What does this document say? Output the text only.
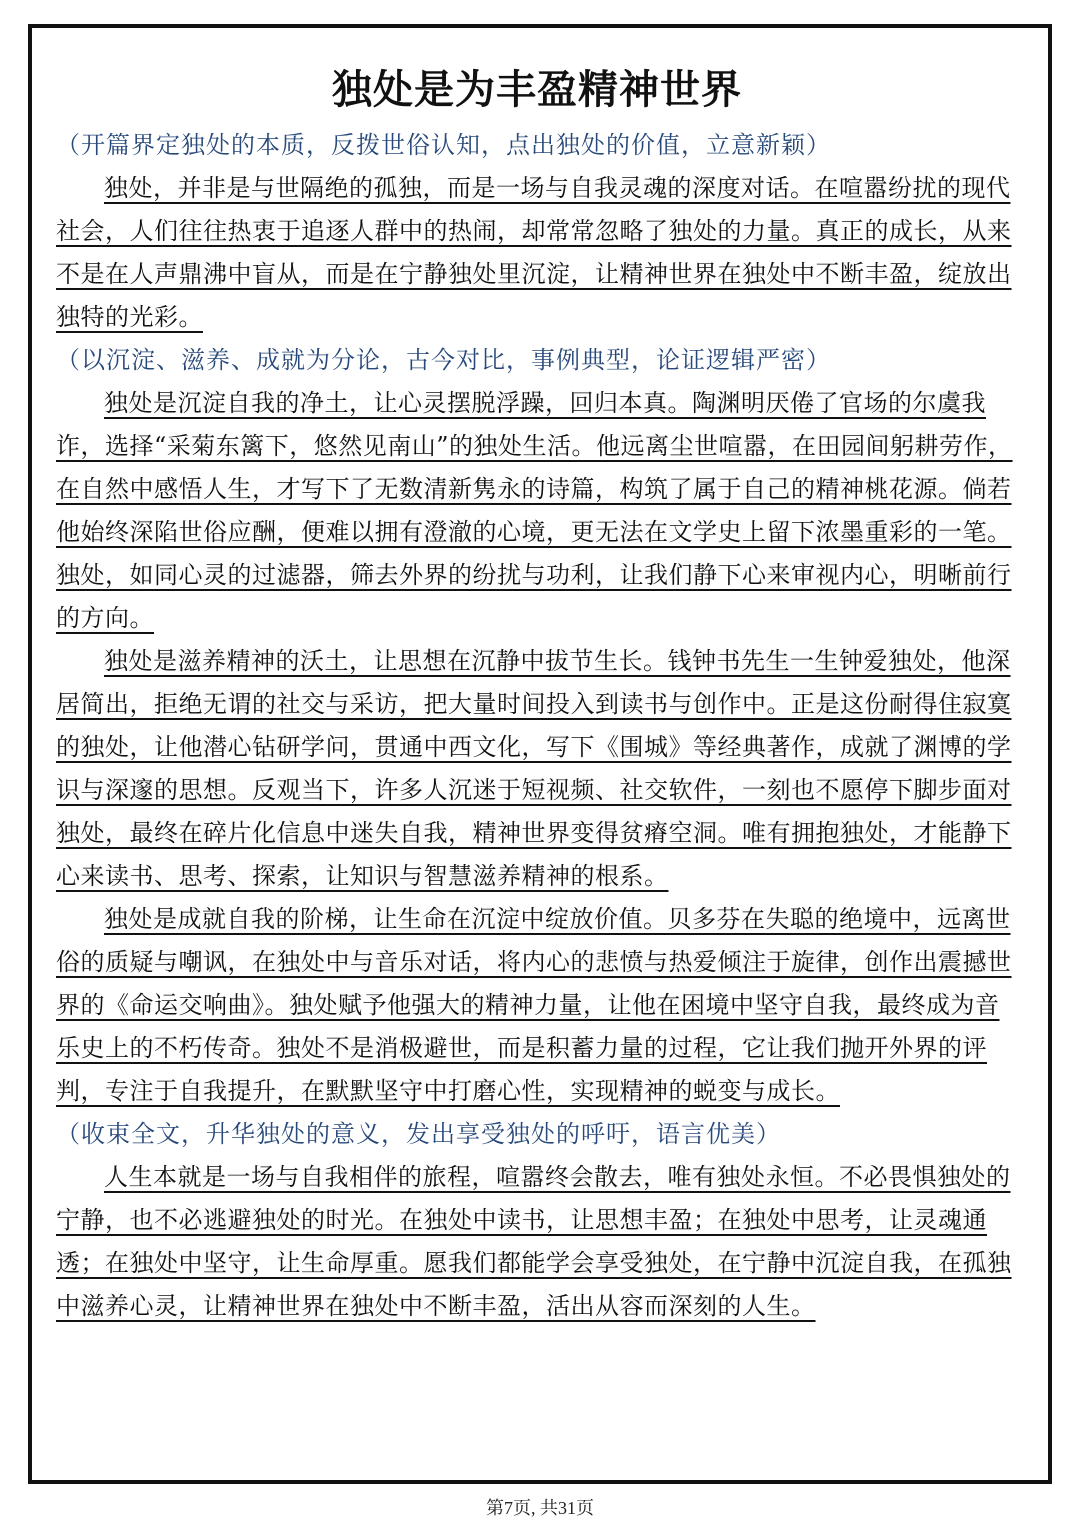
独处是为丰盈精神世界
（开篇界定独处的本质，反拨世俗认知，点出独处的价值，立意新颖）

独处，并非是与世隔绝的孤独，而是一场与自我灵魂的深度对话。在喧嚣纷扰的现代社会，人们往往热衷于追逐人群中的热闹，却常常忽略了独处的力量。真正的成长，从来不是在人声鼎沸中盲从，而是在宁静独处里沉淀，让精神世界在独处中不断丰盈，绽放出独特的光彩。

（以沉淀、滋养、成就为分论，古今对比，事例典型，论证逻辑严密）

独处是沉淀自我的净土，让心灵摆脱浮躁，回归本真。陶渊明厌倦了官场的尔虞我诈，选择“采菊东篱下，悠然见南山”的独处生活。他远离尘世喧嚣，在田园间躬耕劳作，在自然中感悟人生，才写下了无数清新隽永的诗篇，构筑了属于自己的精神桃花源。倘若他始终深陷世俗应酬，便难以拥有澄澈的心境，更无法在文学史上留下浓墨重彩的一笔。独处，如同心灵的过滤器，筛去外界的纷扰与功利，让我们静下心来审视内心，明晰前行的方向。

独处是滋养精神的沃土，让思想在沉静中拔节生长。钱钟书先生一生钟爱独处，他深居简出，拒绝无谓的社交与采访，把大量时间投入到读书与创作中。正是这份耐得住寂寞的独处，让他潜心钻研学问，贯通中西文化，写下《围城》等经典著作，成就了渊博的学识与深邃的思想。反观当下，许多人沉迷于短视频、社交软件，一刻也不愿停下脚步面对独处，最终在碎片化信息中迷失自我，精神世界变得贫瘠空洞。唯有拥抱独处，才能静下心来读书、思考、探索，让知识与智慧滋养精神的根系。

独处是成就自我的阶梯，让生命在沉淀中绽放价值。贝多芬在失聪的绝境中，远离世俗的质疑与嘲讽，在独处中与音乐对话，将内心的悲愤与热爱倾注于旋律，创作出震撼世界的《命运交响曲》。独处赋予他强大的精神力量，让他在困境中坚守自我，最终成为音乐史上的不朽传奇。独处不是消极避世，而是积蓄力量的过程，它让我们抛开外界的评判，专注于自我提升，在默默坚守中打磨心性，实现精神的蜕变与成长。

（收束全文，升华独处的意义，发出享受独处的呼吁，语言优美）

人生本就是一场与自我相伴的旅程，喧嚣终会散去，唯有独处永恒。不必畏惧独处的宁静，也不必逃避独处的时光。在独处中读书，让思想丰盈；在独处中思考，让灵魂通透；在独处中坚守，让生命厚重。愿我们都能学会享受独处，在宁静中沉淀自我，在孤独中滋养心灵，让精神世界在独处中不断丰盈，活出从容而深刻的人生。

第7页, 共31页
